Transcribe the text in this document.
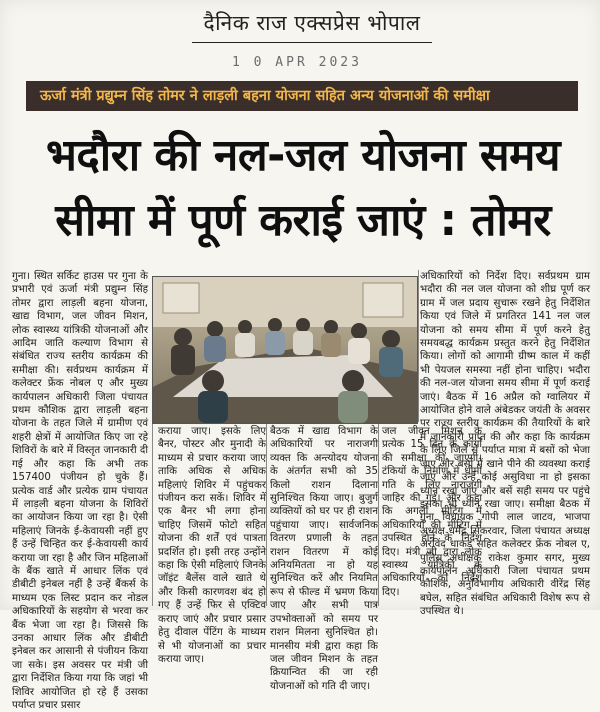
दैनिक राज एक्सप्रेस भोपाल
1 0 APR 2023
ऊर्जा मंत्री प्रद्युम्न सिंह तोमर ने लाड़ली बहना योजना सहित अन्य योजनाओं की समीक्षा
भदौरा की नल-जल योजना समय
सीमा में पूर्ण कराई जाएं : तोमर
गुना। स्थित सर्किट हाउस पर गुना के प्रभारी एवं ऊर्जा मंत्री प्रद्युम्न सिंह तोमर द्वारा लाड़ली बहना योजना, खाद्य विभाग, जल जीवन मिशन, लोक स्वास्थ्य यांत्रिकी योजनाओं और आदिम जाति कल्याण विभाग से संबंधित राज्य स्तरीय कार्यक्रम की समीक्षा की। सर्वप्रथम कार्यक्रम में कलेक्टर फ्रेंक नोबल ए और मुख्य कार्यपालन अधिकारी जिला पंचायत प्रथम कौशिक द्वारा लाड़ली बहना योजना के तहत जिले में ग्रामीण एवं शहरी क्षेत्रों में आयोजित किए जा रहे शिविरों के बारे में विस्तृत जानकारी दी गई और कहा कि अभी तक 157400 पंजीयन हो चुके हैं। प्रत्येक वार्ड और प्रत्येक ग्राम पंचायत में लाड़ली बहना योजना के शिविरों का आयोजन किया जा रहा है। ऐसी महिलाएं जिनके ई-केवायसी नहीं हुए हैं उन्हें चिन्हित कर ई-केवायसी कार्य कराया जा रहा है और जिन महिलाओं के बैंक खाते में आधार लिंक एवं डीबीटी इनेबल नहीं है उन्हें बैंकर्स के माध्यम एक लिस्ट प्रदान कर नोडल अधिकारियों के सहयोग से भरवा कर बैंक भेजा जा रहा है। जिससे कि उनका आधार लिंक और डीबीटी इनेबल कर आसानी से पंजीयन किया जा सके। इस अवसर पर मंत्री जी द्वारा निर्देशित किया गया कि जहां भी शिविर आयोजित हो रहे हैं उसका पर्याप्त प्रचार प्रसार
कराया जाए। इसके लिए बैनर, पोस्टर और मुनादी के माध्यम से प्रचार कराया जाए ताकि अधिक से अधिक महिलाएं शिविर में पहुंचकर पंजीयन करा सकें। शिविर में एक बैनर भी लगा होना चाहिए जिसमें फोटो सहित योजना की शर्तें एवं पात्रता प्रदर्शित हो। इसी तरह उन्होंने कहा कि ऐसी महिलाएं जिनके जॉइंट बैलेंस वाले खाते थे और किसी कारणवश बंद हो गए हैं उन्हें फिर से एक्टिव कराए जाएं और प्रचार प्रसार हेतु दीवाल पेंटिंग के माध्यम से भी योजनाओं का प्रचार कराया जाए।
बैठक में खाद्य विभाग के अधिकारियों पर नाराजगी व्यक्त कि अन्त्योदय योजना के अंतर्गत सभी को 35 किलो राशन दिलाना सुनिश्चित किया जाए। बुजुर्ग व्यक्तियों को घर पर ही राशन पहुंचाया जाए। सार्वजनिक वितरण प्रणाली के तहत राशन वितरण में कोई अनियमितता ना हो यह सुनिश्चित करें और नियमित रूप से फील्ड में भ्रमण किया जाए और सभी पात्र उपभोक्ताओं को समय पर राशन मिलना सुनिश्चित हो। मानसीय मंत्री द्वारा कहा कि जल जीवन मिशन के तहत क्रियान्वित की जा रही योजनाओं को गति दी जाए।
जल जीवन मिशन के प्रत्येक 15 दिन के कार्यों की समीक्षा की जाएगी। टंकियों के निर्माण में धीमी गति के लिए नाराजगी जाहिर की गई। और कहा कि अगली मीटिंग में अधिकारियों की मीटिंग में उपस्थित होने के निर्देश दिए। मंत्री जी द्वारा लोक स्वास्थ्य यांत्रिकी के अधिकारियों को निर्देश दिए।
अधिकारियों को निर्देश दिए। सर्वप्रथम ग्राम भदौरा की नल जल योजना को शीघ्र पूर्ण कर ग्राम में जल प्रदाय सुचारू रखने हेतु निर्देशित किया एवं जिले में प्रगतिरत 141 नल जल योजना को समय सीमा में पूर्ण करने हेतु समयबद्ध कार्यक्रम प्रस्तुत करने हेतु निर्देशित किया। लोगों को आगामी ग्रीष्म काल में कहीं भी पेयजल समस्या नहीं होना चाहिए। भदौरा की नल-जल योजना समय सीमा में पूर्ण कराई जाएं। बैठक में 16 अप्रैल को ग्वालियर में आयोजित होने वाले अंबेडकर जयंती के अवसर पर राज्य स्तरीय कार्यक्रम की तैयारियों के बारे में जानकारी प्राप्त की और कहा कि कार्यक्रम के लिए जिले से पर्याप्त मात्रा में बसों को भेजा जाए और बसों में खाने पीने की व्यवस्था कराई जाए और उन्हें कोई असुविधा ना हो इसका ध्यान रखा जाए और बसें सही समय पर पहुंचे इसका भी ध्यान रखा जाए। समीक्षा बैठक में गुना विधायक गोपी लाल जाटव, भाजपा अध्यक्ष धर्मेंद्र सिकरवार, जिला पंचायत अध्यक्ष अरविंद धाकड़ सहित कलेक्टर फ्रेंक नोबल ए, पुलिस अधीक्षक राकेश कुमार सगर, मुख्य कार्यपालन अधिकारी जिला पंचायत प्रथम कौशिक, अनुविभागीय अधिकारी वीरेंद्र सिंह बघेल, सहित संबंधित अधिकारी विशेष रूप से उपस्थित थे।
